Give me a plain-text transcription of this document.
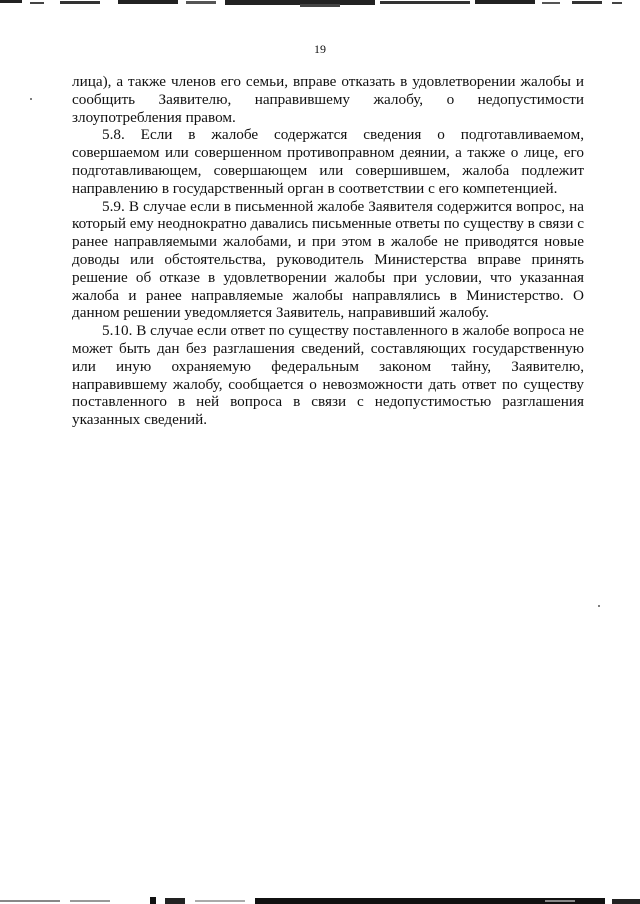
19

лица), а также членов его семьи, вправе отказать в удовлетворении жалобы и сообщить Заявителю, направившему жалобу, о недопустимости злоупотребления правом.

5.8. Если в жалобе содержатся сведения о подготавливаемом, совершаемом или совершенном противоправном деянии, а также о лице, его подготавливающем, совершающем или совершившем, жалоба подлежит направлению в государственный орган в соответствии с его компетенцией.

5.9. В случае если в письменной жалобе Заявителя содержится вопрос, на который ему неоднократно давались письменные ответы по существу в связи с ранее направляемыми жалобами, и при этом в жалобе не приводятся новые доводы или обстоятельства, руководитель Министерства вправе принять решение об отказе в удовлетворении жалобы при условии, что указанная жалоба и ранее направляемые жалобы направлялись в Министерство. О данном решении уведомляется Заявитель, направивший жалобу.

5.10. В случае если ответ по существу поставленного в жалобе вопроса не может быть дан без разглашения сведений, составляющих государственную или иную охраняемую федеральным законом тайну, Заявителю, направившему жалобу, сообщается о невозможности дать ответ по существу поставленного в ней вопроса в связи с недопустимостью разглашения указанных сведений.
